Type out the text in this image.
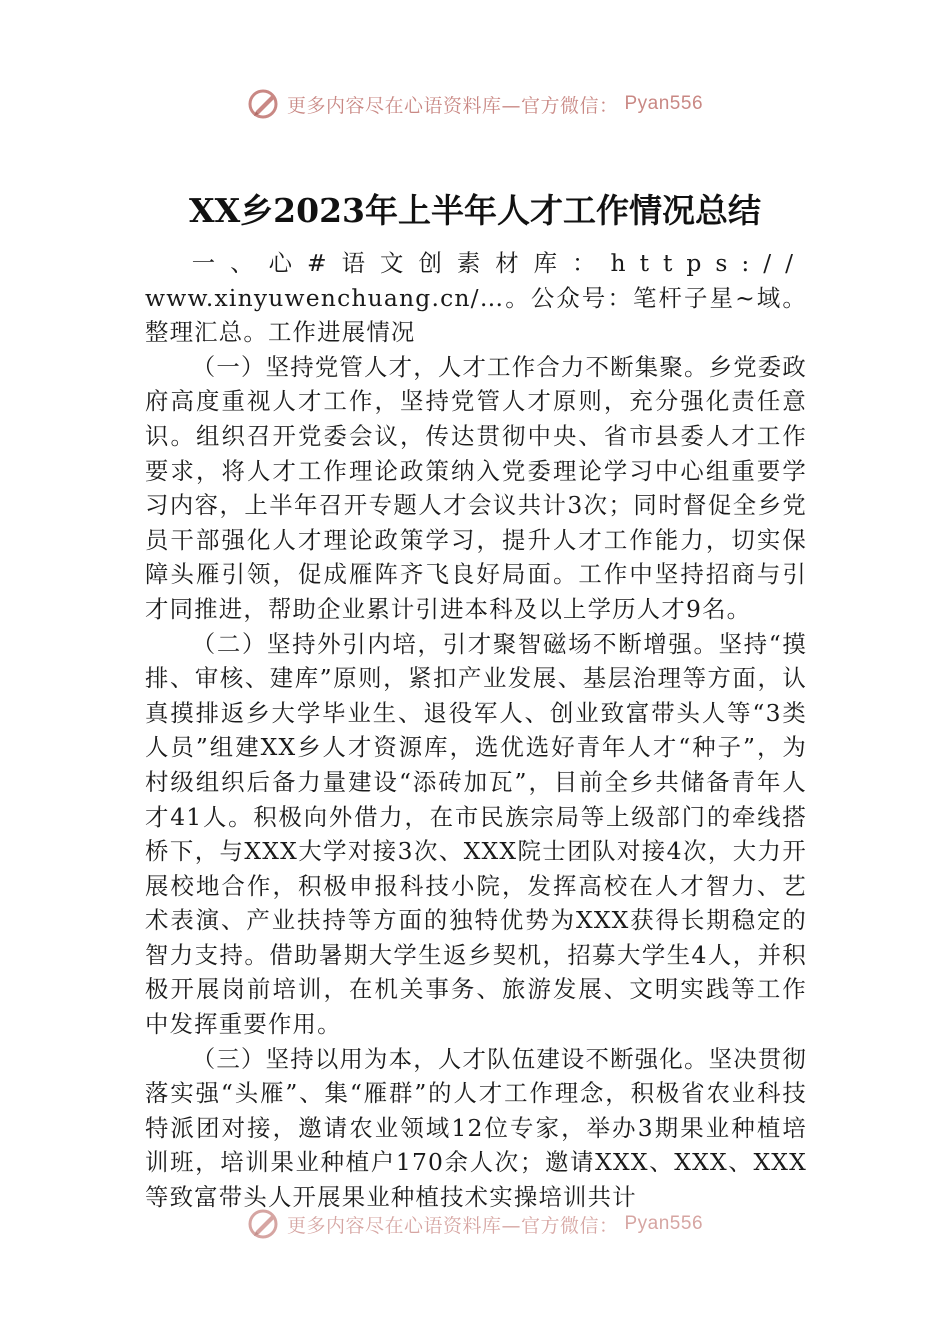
更多内容尽在心语资料库—官方微信： Pyan556
XX乡2023年上半年人才工作情况总结

一、心#语文创素材库：https://
www.xinyuwenchuang.cn/…。公众号：笔杆子星~域。整理汇总。工作进展情况

（一）坚持党管人才，人才工作合力不断集聚。乡党委政府高度重视人才工作，坚持党管人才原则，充分强化责任意识。组织召开党委会议，传达贯彻中央、省市县委人才工作要求，将人才工作理论政策纳入党委理论学习中心组重要学习内容，上半年召开专题人才会议共计3次；同时督促全乡党员干部强化人才理论政策学习，提升人才工作能力，切实保障头雁引领，促成雁阵齐飞良好局面。工作中坚持招商与引才同推进，帮助企业累计引进本科及以上学历人才9名。

（二）坚持外引内培，引才聚智磁场不断增强。坚持“摸排、审核、建库”原则，紧扣产业发展、基层治理等方面，认真摸排返乡大学毕业生、退役军人、创业致富带头人等“3类人员”组建XX乡人才资源库，选优选好青年人才“种子”，为村级组织后备力量建设“添砖加瓦”，目前全乡共储备青年人才41人。积极向外借力，在市民族宗局等上级部门的牵线搭桥下，与XXX大学对接3次、XXX院士团队对接4次，大力开展校地合作，积极申报科技小院，发挥高校在人才智力、艺术表演、产业扶持等方面的独特优势为XXX获得长期稳定的智力支持。借助暑期大学生返乡契机，招募大学生4人，并积极开展岗前培训，在机关事务、旅游发展、文明实践等工作中发挥重要作用。

（三）坚持以用为本，人才队伍建设不断强化。坚决贯彻落实强“头雁”、集“雁群”的人才工作理念，积极省农业科技特派团对接，邀请农业领域12位专家，举办3期果业种植培训班，培训果业种植户170余人次；邀请XXX、XXX、XXX等致富带头人开展果业种植技术实操培训共计

更多内容尽在心语资料库—官方微信： Pyan556
